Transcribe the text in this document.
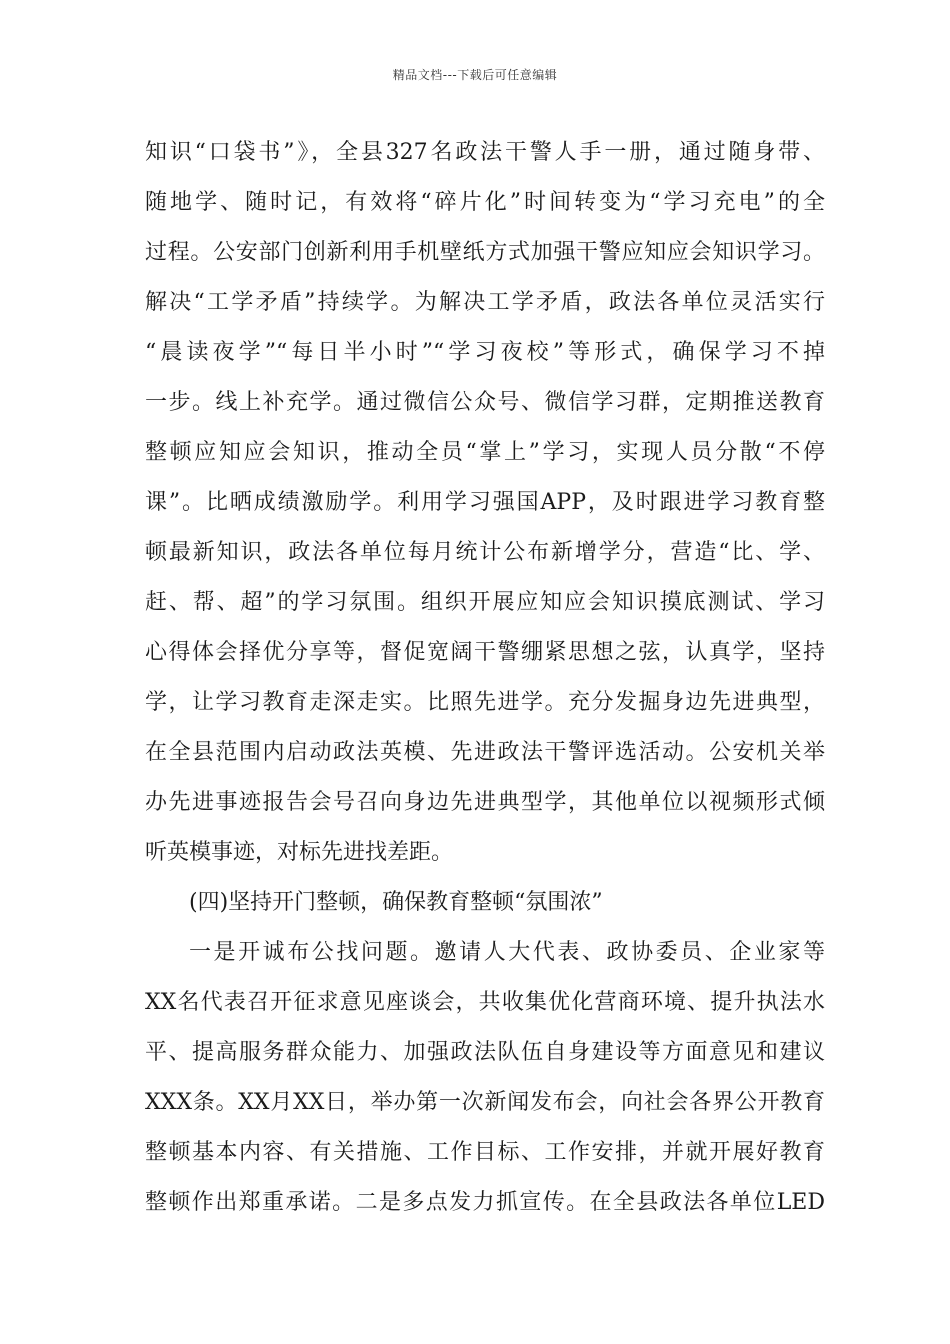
精品文档---下载后可任意编辑
知识“口袋书”》，全县327名政法干警人手一册，通过随身带、
随地学、随时记，有效将“碎片化”时间转变为“学习充电”的全
过程。公安部门创新利用手机壁纸方式加强干警应知应会知识学习。
解决“工学矛盾”持续学。为解决工学矛盾，政法各单位灵活实行
“晨读夜学”“每日半小时”“学习夜校”等形式，确保学习不掉
一步。线上补充学。通过微信公众号、微信学习群，定期推送教育
整顿应知应会知识，推动全员“掌上”学习，实现人员分散“不停
课”。比晒成绩激励学。利用学习强国APP，及时跟进学习教育整
顿最新知识，政法各单位每月统计公布新增学分，营造“比、学、
赶、帮、超”的学习氛围。组织开展应知应会知识摸底测试、学习
心得体会择优分享等，督促宽阔干警绷紧思想之弦，认真学，坚持
学，让学习教育走深走实。比照先进学。充分发掘身边先进典型，
在全县范围内启动政法英模、先进政法干警评选活动。公安机关举
办先进事迹报告会号召向身边先进典型学，其他单位以视频形式倾
听英模事迹，对标先进找差距。
(四)坚持开门整顿，确保教育整顿“氛围浓”
一是开诚布公找问题。邀请人大代表、政协委员、企业家等
XX名代表召开征求意见座谈会，共收集优化营商环境、提升执法水
平、提高服务群众能力、加强政法队伍自身建设等方面意见和建议
XXX条。XX月XX日，举办第一次新闻发布会，向社会各界公开教育
整顿基本内容、有关措施、工作目标、工作安排，并就开展好教育
整顿作出郑重承诺。二是多点发力抓宣传。在全县政法各单位LED
